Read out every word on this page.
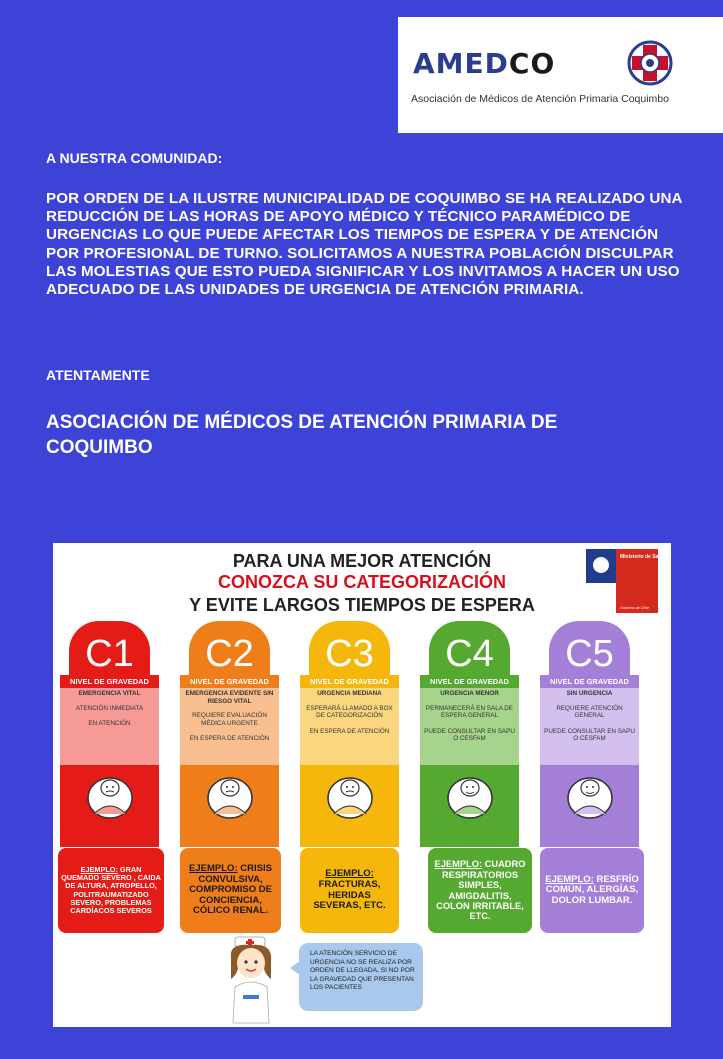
AMEDCO
Asociación de Médicos de Atención Primaria Coquimbo
A NUESTRA COMUNIDAD:
POR ORDEN DE LA ILUSTRE MUNICIPALIDAD DE COQUIMBO SE HA REALIZADO UNA REDUCCIÓN DE LAS HORAS DE APOYO MÉDICO Y TÉCNICO PARAMÉDICO DE URGENCIAS LO QUE PUEDE AFECTAR LOS TIEMPOS DE ESPERA Y DE ATENCIÓN POR PROFESIONAL DE TURNO. SOLICITAMOS A NUESTRA POBLACIÓN DISCULPAR LAS MOLESTIAS QUE ESTO PUEDA SIGNIFICAR Y LOS INVITAMOS A HACER UN USO ADECUADO DE LAS UNIDADES DE URGENCIA DE ATENCIÓN PRIMARIA.
ATENTAMENTE
ASOCIACIÓN DE MÉDICOS DE ATENCIÓN PRIMARIA DE COQUIMBO
PARA UNA MEJOR ATENCIÓN
CONOZCA SU CATEGORIZACIÓN
Y EVITE LARGOS TIEMPOS DE ESPERA
Ministerio de Salud
Gobierno de Chile
C1
NIVEL DE GRAVEDAD
EMERGENCIA VITAL
ATENCIÓN INMEDIATA
EN ATENCIÓN
EJEMPLO: GRAN QUEMADO SEVERO , CAIDA DE ALTURA, ATROPELLO, POLITRAUMATIZADO SEVERO, PROBLEMAS CARDÍACOS SEVEROS
C2
NIVEL DE GRAVEDAD
EMERGENCIA EVIDENTE SIN RIESGO VITAL
REQUIERE EVALUACIÓN MÉDICA URGENTE
EN ESPERA DE ATENCIÓN
EJEMPLO: CRISIS CONVULSIVA, COMPROMISO DE CONCIENCIA, CÓLICO RENAL.
C3
NIVEL DE GRAVEDAD
URGENCIA MEDIANA
ESPERARÁ LLAMADO A BOX DE CATEGORIZACIÓN
EN ESPERA DE ATENCIÓN
EJEMPLO: FRACTURAS, HERIDAS SEVERAS, ETC.
C4
NIVEL DE GRAVEDAD
URGENCIA MENOR
PERMANECERÁ EN SALA DE ESPERA GENERAL
PUEDE CONSULTAR EN SAPU O CESFAM
EJEMPLO: CUADRO RESPIRATORIOS SIMPLES, AMIGDALITIS, COLON IRRITABLE, ETC.
C5
NIVEL DE GRAVEDAD
SIN URGENCIA
REQUIERE ATENCIÓN GENERAL
PUEDE CONSULTAR EN SAPU O CESFAM
EJEMPLO: RESFRÍO COMÚN, ALERGÍAS, DOLOR LUMBAR.
LA ATENCIÓN SERVICIO DE URGENCIA NO SE REALIZA POR ORDEN DE LLEGADA, SI NO POR LA GRAVEDAD QUE PRESENTAN LOS PACIENTES
